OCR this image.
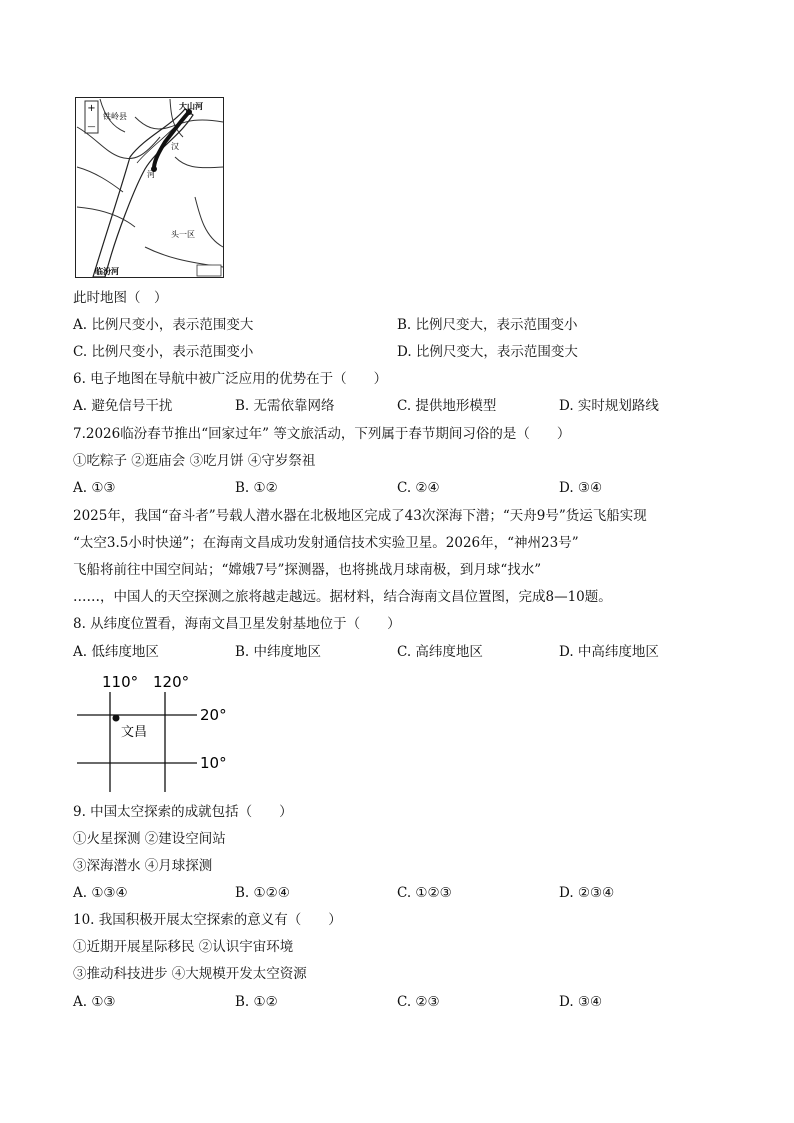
+
—
铁岭县
大山河
汉
河
头一区
临汾河
此时地图（　）
A. 比例尺变小，表示范围变大	B. 比例尺变大，表示范围变小
C. 比例尺变小，表示范围变小	D. 比例尺变大，表示范围变大
6. 电子地图在导航中被广泛应用的优势在于（　　）
A. 避免信号干扰	B. 无需依靠网络	C. 提供地形模型	D. 实时规划路线
7.2026临汾春节推出“回家过年” 等文旅活动，下列属于春节期间习俗的是（　　）
①吃粽子 ②逛庙会 ③吃月饼 ④守岁祭祖
A. ①③	B. ①②	C. ②④	D. ③④
2025年，我国“奋斗者”号载人潜水器在北极地区完成了43次深海下潜；“天舟9号”货运飞船实现
“太空3.5小时快递”；在海南文昌成功发射通信技术实验卫星。2026年，“神州23号”
飞船将前往中国空间站；“嫦娥7号”探测器，也将挑战月球南极，到月球“找水”
……，中国人的天空探测之旅将越走越远。据材料，结合海南文昌位置图，完成8—10题。
8. 从纬度位置看，海南文昌卫星发射基地位于（　　）
A. 低纬度地区	B. 中纬度地区	C. 高纬度地区	D. 中高纬度地区
110° 120°
20°
10°
文昌
9. 中国太空探索的成就包括（　　）
①火星探测 ②建设空间站
③深海潜水 ④月球探测
A. ①③④	B. ①②④	C. ①②③	D. ②③④
10. 我国积极开展太空探索的意义有（　　）
①近期开展星际移民 ②认识宇宙环境
③推动科技进步 ④大规模开发太空资源
A. ①③	B. ①②	C. ②③	D. ③④
